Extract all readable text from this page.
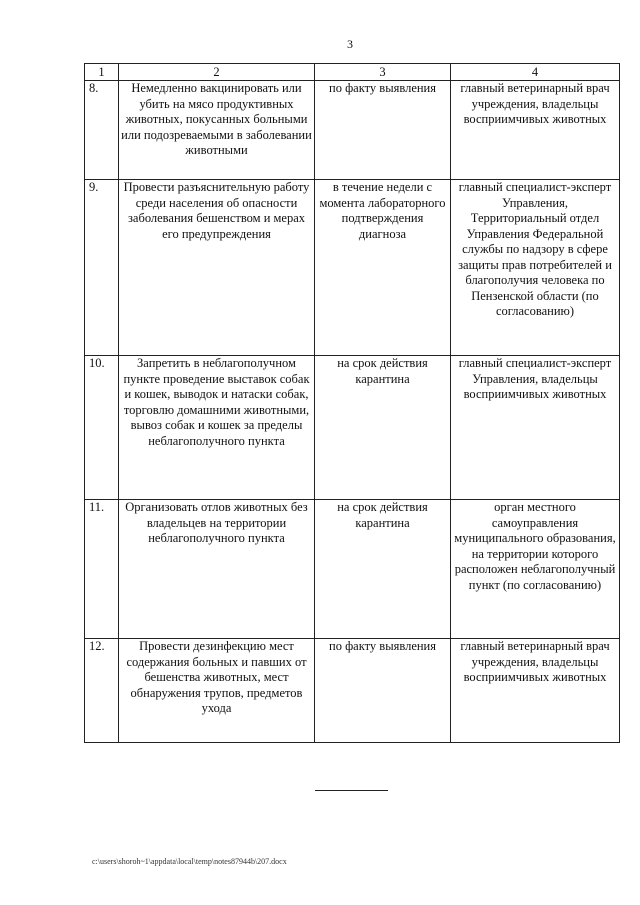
3
1	2	3	4
8.	Немедленно вакцинировать или убить на мясо продуктивных животных, покусанных больными или подозреваемыми в заболевании животными	по факту выявления	главный ветеринарный врач учреждения, владельцы восприимчивых животных
9.	Провести разъяснительную работу среди населения об опасности заболевания бешенством и мерах его предупреждения	в течение недели с момента лабораторного подтверждения диагноза	главный специалист-эксперт Управления, Территориальный отдел Управления Федеральной службы по надзору в сфере защиты прав потребителей и благополучия человека по Пензенской области (по согласованию)
10.	Запретить в неблагополучном пункте проведение выставок собак и кошек, выводок и натаски собак, торговлю домашними животными, вывоз собак и кошек за пределы неблагополучного пункта	на срок действия карантина	главный специалист-эксперт Управления, владельцы восприимчивых животных
11.	Организовать отлов животных без владельцев на территории неблагополучного пункта	на срок действия карантина	орган местного самоуправления муниципального образования, на территории которого расположен неблагополучный пункт (по согласованию)
12.	Провести дезинфекцию мест содержания больных и павших от бешенства животных, мест обнаружения трупов, предметов ухода	по факту выявления	главный ветеринарный врач учреждения, владельцы восприимчивых животных
c:\users\shoroh~1\appdata\local\temp\notes87944b\207.docx
